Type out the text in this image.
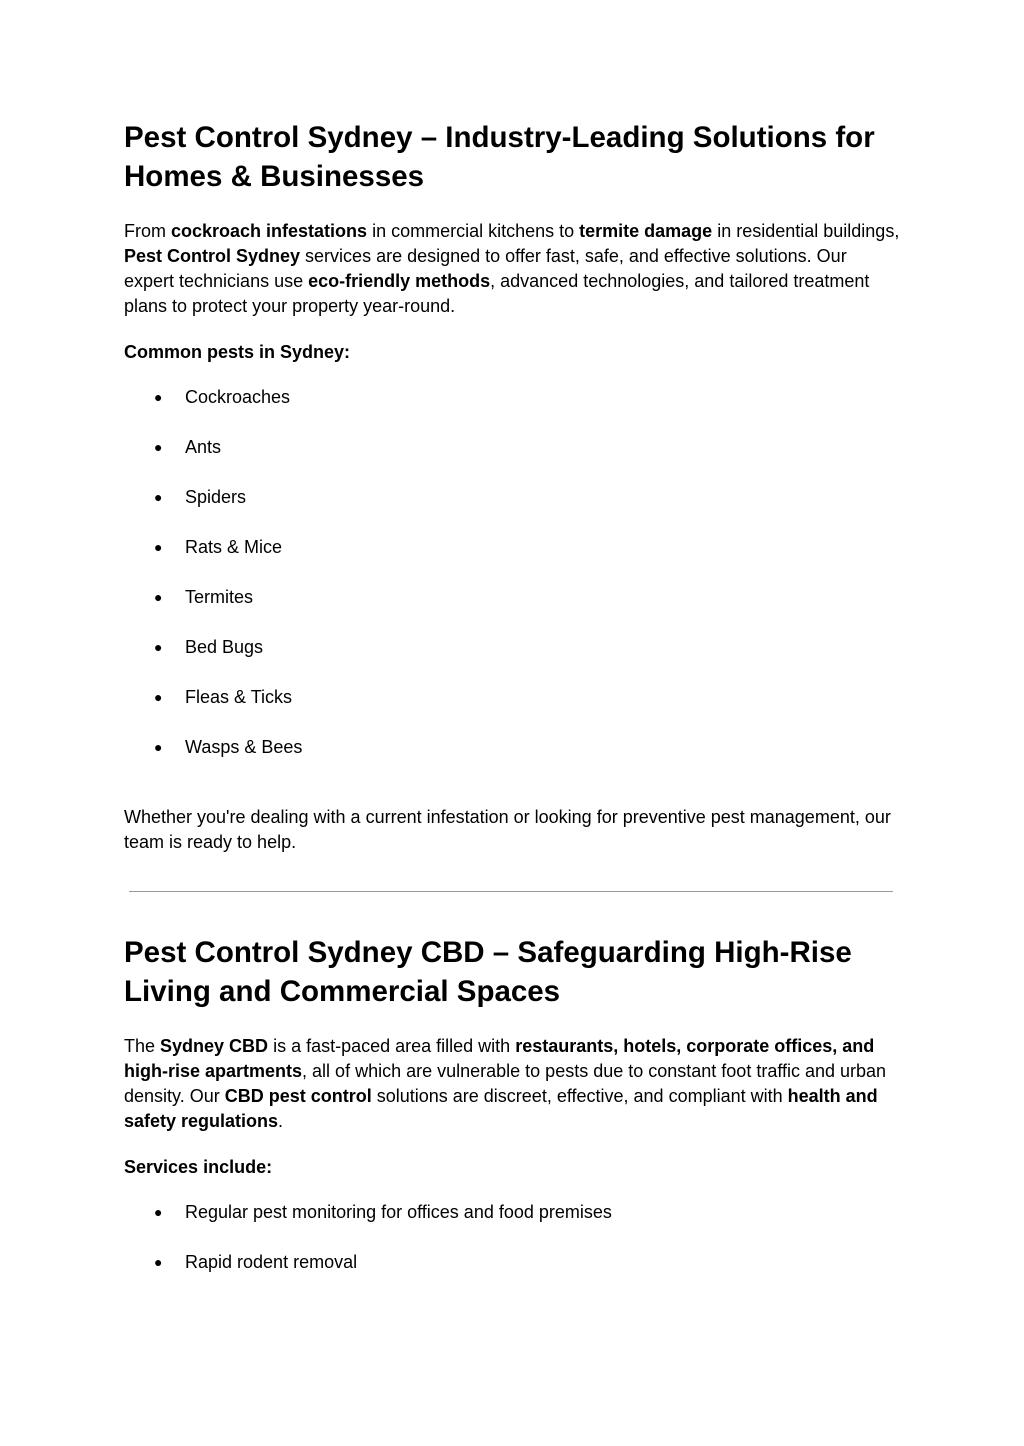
Pest Control Sydney – Industry-Leading Solutions for Homes & Businesses

From cockroach infestations in commercial kitchens to termite damage in residential buildings, Pest Control Sydney services are designed to offer fast, safe, and effective solutions. Our expert technicians use eco-friendly methods, advanced technologies, and tailored treatment plans to protect your property year-round.

Common pests in Sydney:

● Cockroaches
● Ants
● Spiders
● Rats & Mice
● Termites
● Bed Bugs
● Fleas & Ticks
● Wasps & Bees

Whether you're dealing with a current infestation or looking for preventive pest management, our team is ready to help.

Pest Control Sydney CBD – Safeguarding High-Rise Living and Commercial Spaces

The Sydney CBD is a fast-paced area filled with restaurants, hotels, corporate offices, and high-rise apartments, all of which are vulnerable to pests due to constant foot traffic and urban density. Our CBD pest control solutions are discreet, effective, and compliant with health and safety regulations.

Services include:

● Regular pest monitoring for offices and food premises
● Rapid rodent removal
